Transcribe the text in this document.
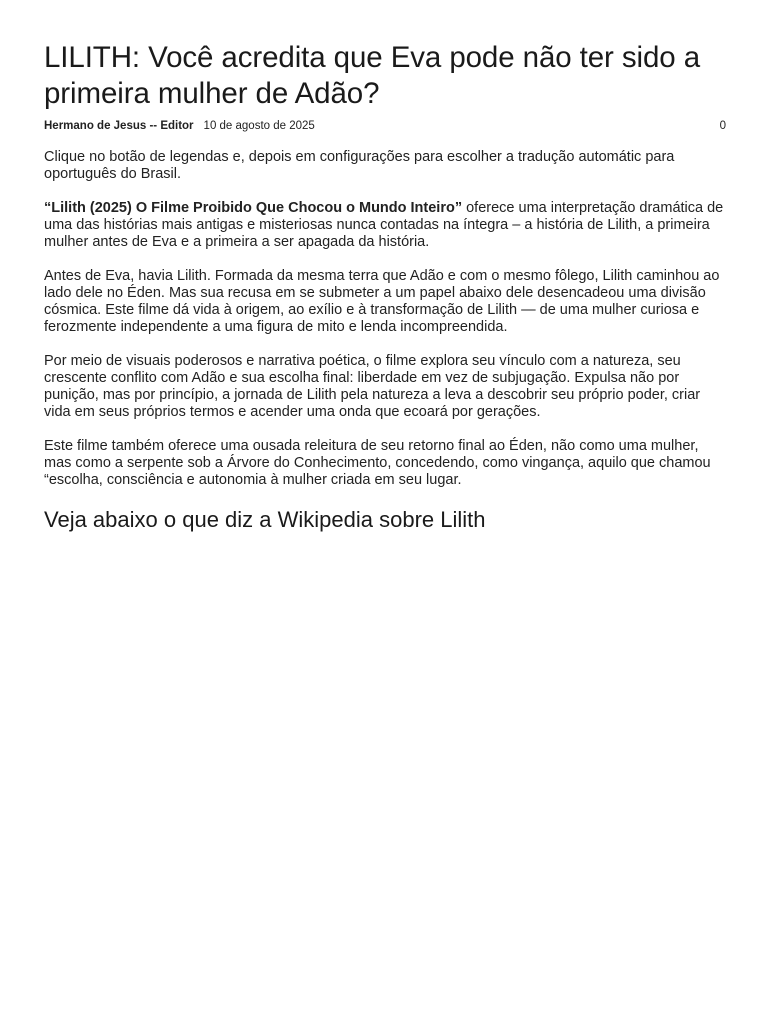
LILITH: Você acredita que Eva pode não ter sido a primeira mulher de Adão?
Hermano de Jesus -- Editor 10 de agosto de 2025	0

Clique no botão de legendas e, depois em configurações para escolher a tradução automátic para oportuguês do Brasil.

“Lilith (2025) O Filme Proibido Que Chocou o Mundo Inteiro” oferece uma interpretação dramática de uma das histórias mais antigas e misteriosas nunca contadas na íntegra – a história de Lilith, a primeira mulher antes de Eva e a primeira a ser apagada da história.

Antes de Eva, havia Lilith. Formada da mesma terra que Adão e com o mesmo fôlego, Lilith caminhou ao lado dele no Éden. Mas sua recusa em se submeter a um papel abaixo dele desencadeou uma divisão cósmica. Este filme dá vida à origem, ao exílio e à transformação de Lilith — de uma mulher curiosa e ferozmente independente a uma figura de mito e lenda incompreendida.

Por meio de visuais poderosos e narrativa poética, o filme explora seu vínculo com a natureza, seu crescente conflito com Adão e sua escolha final: liberdade em vez de subjugação. Expulsa não por punição, mas por princípio, a jornada de Lilith pela natureza a leva a descobrir seu próprio poder, criar vida em seus próprios termos e acender uma onda que ecoará por gerações.

Este filme também oferece uma ousada releitura de seu retorno final ao Éden, não como uma mulher, mas como a serpente sob a Árvore do Conhecimento, concedendo, como vingança, aquilo que chamou “escolha, consciência e autonomia à mulher criada em seu lugar.

Veja abaixo o que diz a Wikipedia sobre Lilith
